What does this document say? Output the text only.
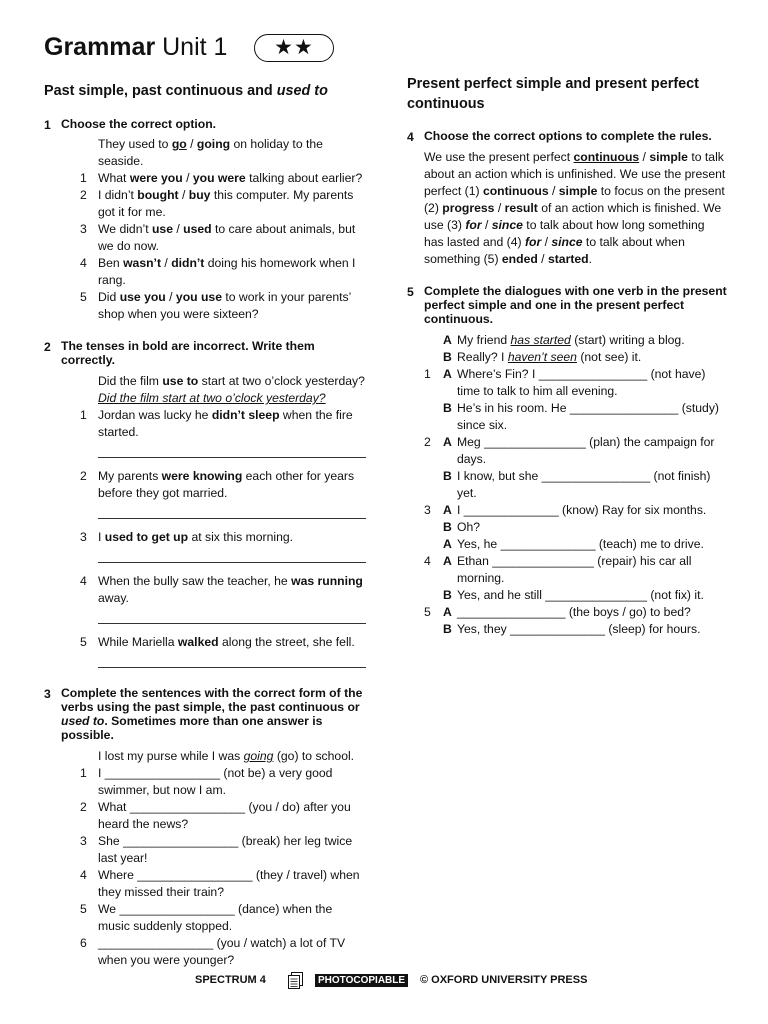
Grammar Unit 1	★★
Past simple, past continuous and used to
1 Choose the correct option.
They used to go / going on holiday to the seaside.
1 What were you / you were talking about earlier?
2 I didn’t bought / buy this computer. My parents got it for me.
3 We didn’t use / used to care about animals, but we do now.
4 Ben wasn’t / didn’t doing his homework when I rang.
5 Did use you / you use to work in your parents’ shop when you were sixteen?
2 The tenses in bold are incorrect. Write them correctly.
Did the film use to start at two o’clock yesterday?
Did the film start at two o’clock yesterday?
1 Jordan was lucky he didn’t sleep when the fire started.
2 My parents were knowing each other for years before they got married.
3 I used to get up at six this morning.
4 When the bully saw the teacher, he was running away.
5 While Mariella walked along the street, she fell.
3 Complete the sentences with the correct form of the verbs using the past simple, the past continuous or used to. Sometimes more than one answer is possible.
I lost my purse while I was going (go) to school.
1 I _________________ (not be) a very good swimmer, but now I am.
2 What _________________ (you / do) after you heard the news?
3 She _________________ (break) her leg twice last year!
4 Where _________________ (they / travel) when they missed their train?
5 We _________________ (dance) when the music suddenly stopped.
6 _________________ (you / watch) a lot of TV when you were younger?
Present perfect simple and present perfect continuous
4 Choose the correct options to complete the rules.
We use the present perfect continuous / simple to talk about an action which is unfinished. We use the present perfect (1) continuous / simple to focus on the present (2) progress / result of an action which is finished. We use (3) for / since to talk about how long something has lasted and (4) for / since to talk about when something (5) ended / started.
5 Complete the dialogues with one verb in the present perfect simple and one in the present perfect continuous.
A My friend has started (start) writing a blog.
B Really? I haven’t seen (not see) it.
1 A Where’s Fin? I ________________ (not have) time to talk to him all evening.
B He’s in his room. He ________________ (study) since six.
2 A Meg _______________ (plan) the campaign for days.
B I know, but she ________________ (not finish) yet.
3 A I ______________ (know) Ray for six months.
B Oh?
A Yes, he ______________ (teach) me to drive.
4 A Ethan _______________ (repair) his car all morning.
B Yes, and he still _______________ (not fix) it.
5 A ________________ (the boys / go) to bed?
B Yes, they ______________ (sleep) for hours.
SPECTRUM 4	PHOTOCOPIABLE © OXFORD UNIVERSITY PRESS
